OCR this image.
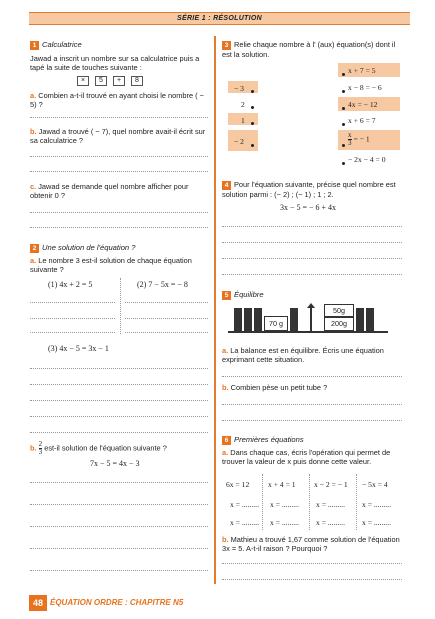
SÉRIE 1 : RÉSOLUTION
1 Calculatrice
Jawad a inscrit un nombre sur sa calculatrice puis a tapé la suite de touches suivante :
× 5 + 8
a. Combien a-t-il trouvé en ayant choisi le nombre ( − 5) ?
b. Jawad a trouvé ( − 7), quel nombre avait-il écrit sur sa calculatrice ?
c. Jawad se demande quel nombre afficher pour obtenir 0 ?
2 Une solution de l'équation ?
a. Le nombre 3 est-il solution de chaque équation suivante ?
(1) 4x + 2 = 5	(2) 7 − 5x = − 8
(3) 4x − 5 = 3x − 1
b. $\frac{2}{3} est-il$ solution de l'équation suivante ?
7x − 5 = 4x − 3
3 Relie chaque nombre à l' (aux) équation(s) dont il est la solution.
− 3
2
1
− 2
x + 7 = 5
x − 8 = − 6
4x = − 12
x + 6 = 7
$\frac{x}{3}$ = − 1
− 2x − 4 = 0
4 Pour l'équation suivante, précise quel nombre est solution parmi : (− 2) ; (− 1) ; 1 ; 2.
3x − 5 = − 6 + 4x
5 Équilibre
70 g
50g
200g
a. La balance est en équilibre. Écris une équation exprimant cette situation.
b. Combien pèse un petit tube ?
6 Premières équations
a. Dans chaque cas, écris l'opération qui permet de trouver la valeur de x puis donne cette valeur.
6x = 12 x + 4 = 1 x − 2 = − 1 − 5x = 4
x = ......... x = ......... x = ......... x = .........
x = ......... x = ......... x = ......... x = .........
b. Mathieu a trouvé 1,67 comme solution de l'équation 3x = 5. A-t-il raison ? Pourquoi ?
48 ÉQUATION ORDRE : CHAPITRE N5
